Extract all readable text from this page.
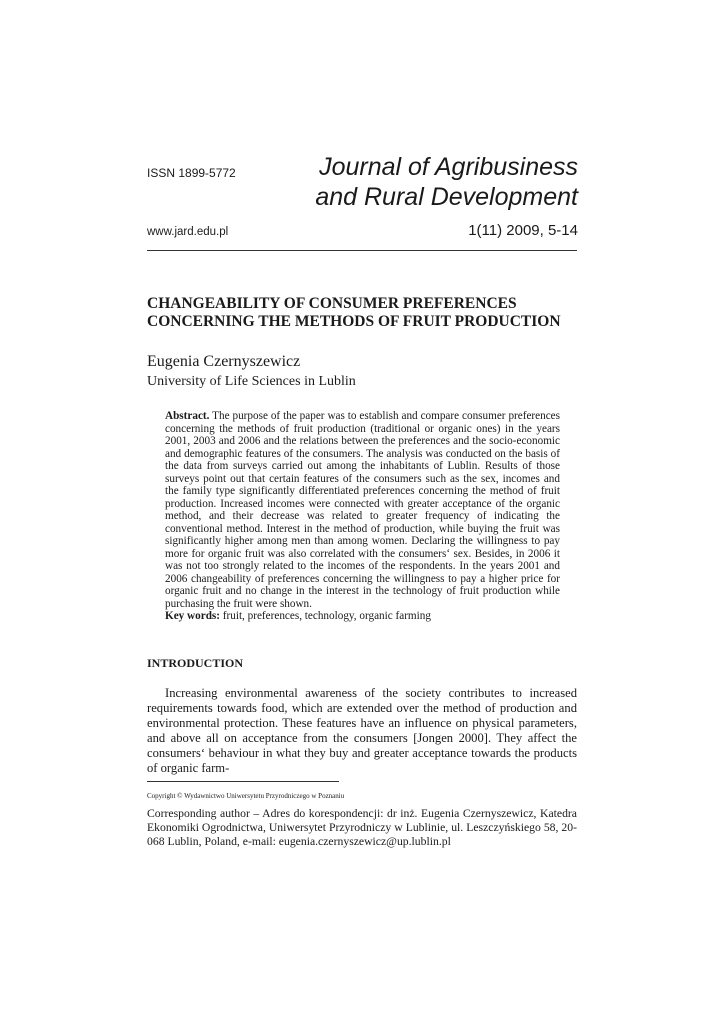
ISSN 1899-5772	Journal of Agribusiness
and Rural Development
www.jard.edu.pl	1(11) 2009, 5-14
CHANGEABILITY OF CONSUMER PREFERENCES
CONCERNING THE METHODS OF FRUIT PRODUCTION
Eugenia Czernyszewicz
University of Life Sciences in Lublin
Abstract. The purpose of the paper was to establish and compare consumer preferences concerning the methods of fruit production (traditional or organic ones) in the years 2001, 2003 and 2006 and the relations between the preferences and the socio-economic and demographic features of the consumers. The analysis was conducted on the basis of the data from surveys carried out among the inhabitants of Lublin. Results of those surveys point out that certain features of the consumers such as the sex, incomes and the family type significantly differentiated preferences concerning the method of fruit production. Increased incomes were connected with greater acceptance of the organic method, and their decrease was related to greater frequency of indicating the conventional method. Interest in the method of production, while buying the fruit was significantly higher among men than among women. Declaring the willingness to pay more for organic fruit was also correlated with the consumers‘ sex. Besides, in 2006 it was not too strongly related to the incomes of the respondents. In the years 2001 and 2006 changeability of preferences concerning the willingness to pay a higher price for organic fruit and no change in the interest in the technology of fruit production while purchasing the fruit were shown.
Key words: fruit, preferences, technology, organic farming
INTRODUCTION
Increasing environmental awareness of the society contributes to increased requirements towards food, which are extended over the method of production and environmental protection. These features have an influence on physical parameters, and above all on acceptance from the consumers [Jongen 2000]. They affect the consumers‘ behaviour in what they buy and greater acceptance towards the products of organic farm-
Copyright © Wydawnictwo Uniwersytetu Przyrodniczego w Poznaniu
Corresponding author – Adres do korespondencji: dr inż. Eugenia Czernyszewicz, Katedra Ekonomiki Ogrodnictwa, Uniwersytet Przyrodniczy w Lublinie, ul. Leszczyńskiego 58, 20-068 Lublin, Poland, e-mail: eugenia.czernyszewicz@up.lublin.pl
